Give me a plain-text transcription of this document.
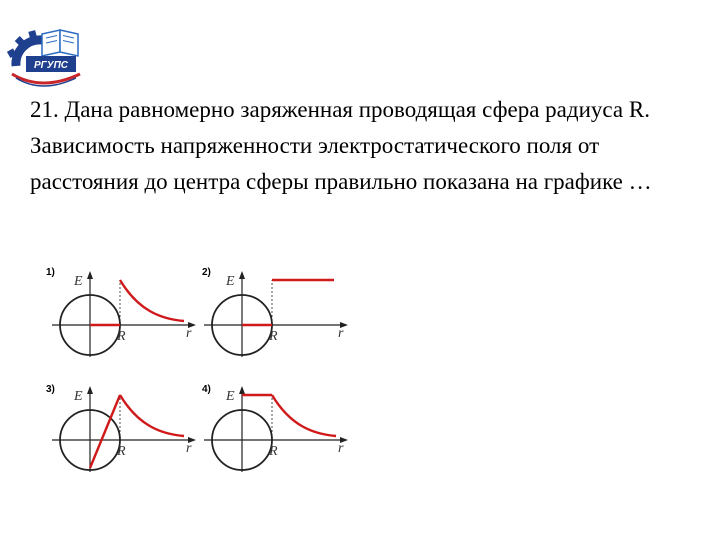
РГУПС

21. Дана равномерно заряженная проводящая сфера радиуса R. Зависимость напряженности электростатического поля от расстояния до центра сферы правильно показана на графике …

1)
E
r
R
2)
E
r
R
3) E
r
R
4) E
r
R
